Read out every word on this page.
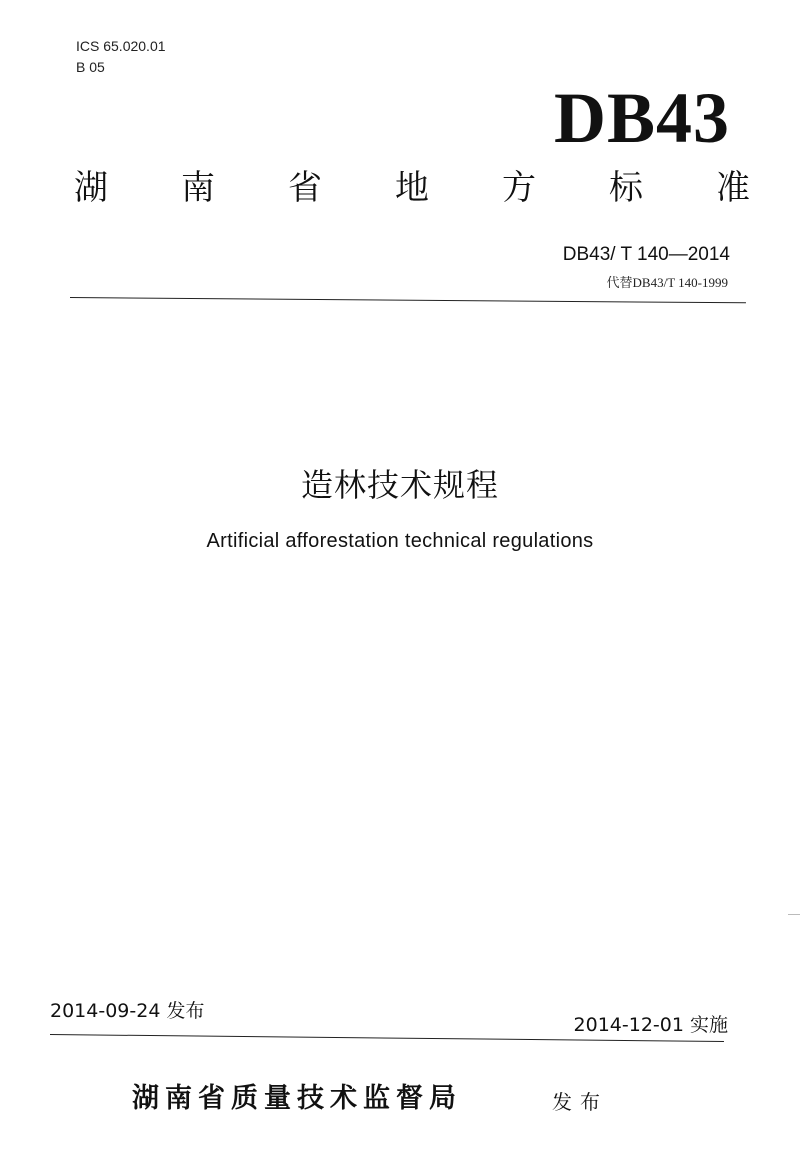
ICS 65.020.01
B 05
DB43
湖 南 省 地 方 标 准
DB43/ T 140—2014
代替DB43/T 140-1999
造林技术规程
Artificial afforestation technical regulations
2014-09-24 发布
2014-12-01 实施
湖南省质量技术监督局	发布
